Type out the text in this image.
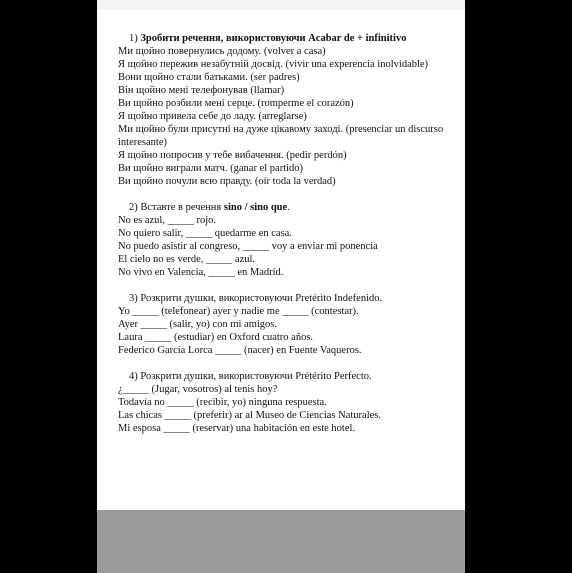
1) Зробити речення, використовуючи Acabar de + infinitivo
Ми щойно повернулись додому. (volver a casa)
Я щойно пережив незабутній досвід. (vivir una experencia inolvidable)
Вони щойно стали батьками. (ser padres)
Він щойно мені телефонував (llamar)
Ви щойно розбили мені серце. (romperme el corazón)
Я щойно привела себе до ладу. (arreglarse)
Ми щойно були присутні на дуже цікавому заході. (presenciar un discurso interesante)
Я щойно попросив у тебе вибачення. (pedir perdón)
Ви щойно виграли матч. (ganar el partido)
Ви щойно почули всю правду. (oír toda la verdad)
2) Вставте в речення sino / sino que.
No es azul, _____ rojo.
No quiero salir, _____ quedarme en casa.
No puedo asistir al congreso, _____ voy a enviar mi ponencia
El cielo no es verde, _____ azul.
No vivo en Valencia, _____ en Madrid.
3) Розкрити душки, використовуючи Pretérito Indefenido.
Yo _____ (telefonear) ayer y nadie me _____ (contestar).
Ayer _____ (salir, yo) con mi amigos.
Laura _____ (estudiar) en Oxford cuatro años.
Federico García Lorca _____ (nacer) en Fuente Vaqueros.
4) Розкрити душки, використовуючи Prétérito Perfecto.
¿_____ (Jugar, vosotros) al tenis hoy?
Todavía no _____ (recibir, yo) ninguna respuesta.
Las chicas _____ (preferir) ar al Museo de Ciencias Naturales.
Mi esposa _____ (reservar) una habitación en este hotel.
